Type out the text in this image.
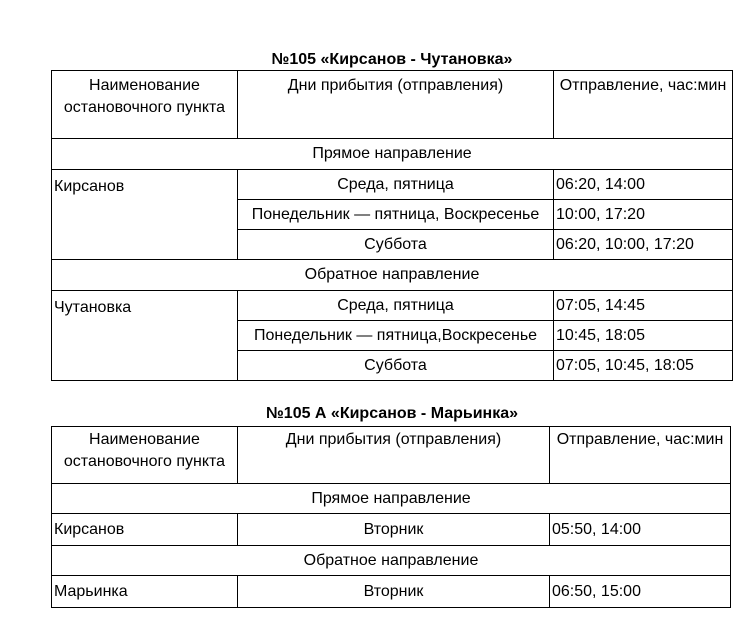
№105 «Кирсанов - Чутановка»
Наименование остановочного пункта	Дни прибытия (отправления)	Отправление, час:мин
Прямое направление		
Кирсанов	Среда, пятница	06:20, 14:00
	Понедельник — пятница, Воскресенье	10:00, 17:20
	Суббота	06:20, 10:00, 17:20
Обратное направление		
Чутановка	Среда, пятница	07:05, 14:45
	Понедельник — пятница,Воскресенье	10:45, 18:05
	Суббота	07:05, 10:45, 18:05
№105 А «Кирсанов - Марьинка»
Наименование остановочного пункта	Дни прибытия (отправления)	Отправление, час:мин
Прямое направление		
Кирсанов	Вторник	05:50, 14:00
Обратное направление		
Марьинка	Вторник	06:50, 15:00
